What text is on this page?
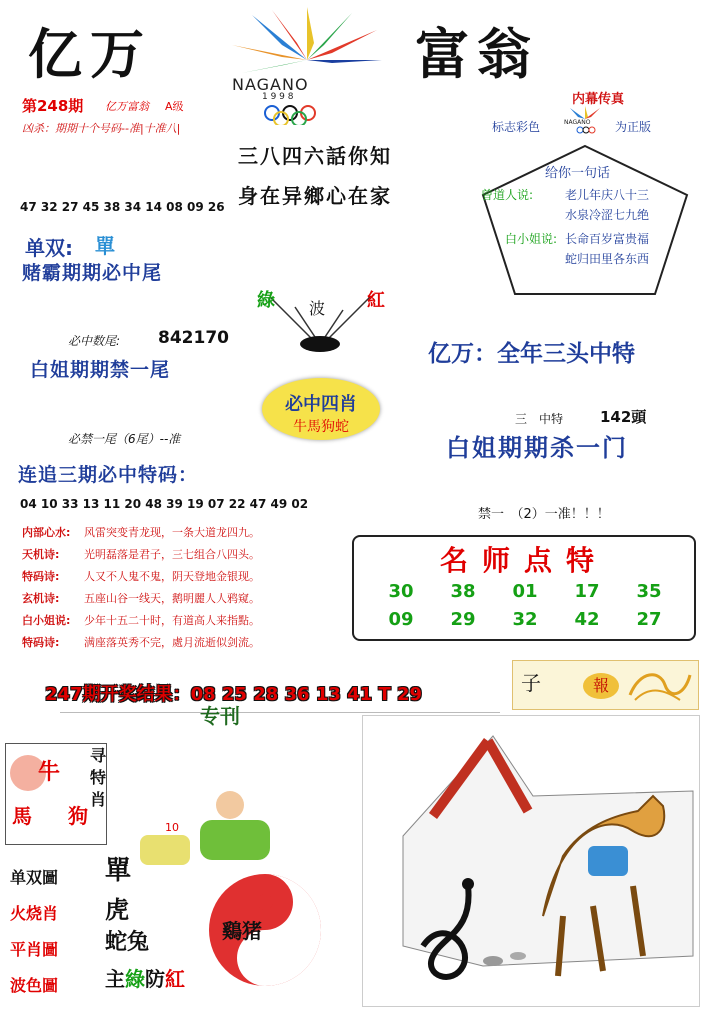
亿万	富翁
NAGANO
1 9 9 8
第248期 亿万富翁 A级
凶杀：期期十个号码--准|十准八|
三八四六話你知
身在异鄉心在家
内幕传真
标志彩色	NAGANO 为正版
给你一句话
曾道人说:	老儿年庆八十三
水泉冷涩七九绝
白小姐说: 长命百岁富贵福
蛇归田里各东西
47 32 27 45 38 34 14 08 09 26
单双: 單
赌霸期期必中尾
綠 波 紅
必中数尾: 842170
白姐期期禁一尾
亿万：全年三头中特
必中四肖
牛馬狗蛇	三　中特 142頭
白姐期期杀一门
必禁一尾（6尾）--准
连追三期必中特码：
04 10 33 13 11 20 48 39 19 07 22 47 49 02
禁一　（2）一准！！！
内部心水: 风雷突变青龙现，一条大道龙四九。
天机诗: 光明磊落是君子，三七组合八四头。
特码诗: 人又不人鬼不鬼，阴天登地金银现。
玄机诗: 五座山谷一线天，鹅明麗人人鸦窥。
白小姐说: 少年十五二十时，有道高人来指點。
特码诗: 满座落英秀不完，處月流逝似剑流。
名师点特
30 38 01 17 35
09 29 32 42 27
247期开奖结果：08 25 28 36 13 41 T 29	子	報
专刊
牛
馬 狗
寻特肖
10
单双圖
火烧肖
平肖圖
波色圖
單
虎
蛇兔
主綠防紅
鷄猪
